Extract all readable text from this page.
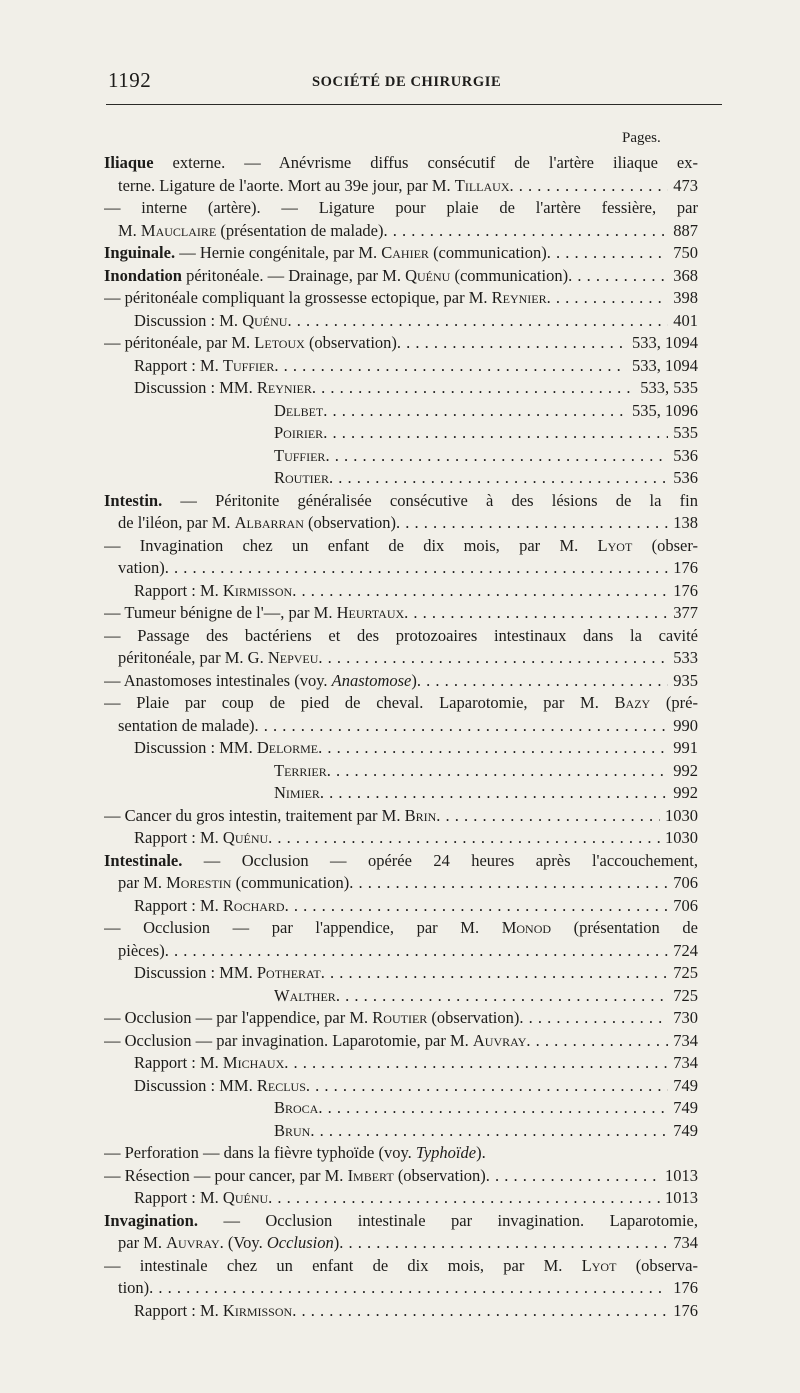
1192	SOCIÉTÉ DE CHIRURGIE
Pages.
Iliaque externe. — Anévrisme diffus consécutif de l'artère iliaque ex-
terne. Ligature de l'aorte. Mort au 39e jour, par M. Tillaux	473
. . .
— interne (artère). — Ligature pour plaie de l'artère fessière, par
M. Mauclaire (présentation de malade)	887
. . .
Inguinale. — Hernie congénitale, par M. Cahier (communication)	750
. . .
Inondation péritonéale. — Drainage, par M. Quénu (communication)	368
. . .
— péritonéale compliquant la grossesse ectopique, par M. Reynier	398
. . .
Discussion : M. Quénu	401
. . .
— péritonéale, par M. Letoux (observation)	533, 1094
. . .
Rapport : M. Tuffier	533, 1094
. . .
Discussion : MM. Reynier	533, 535
. . .
Delbet	535, 1096
. . .
Poirier	535
. . .
Tuffier	536
. . .
Routier	536
. . .
Intestin. — Péritonite généralisée consécutive à des lésions de la fin
de l'iléon, par M. Albarran (observation)	138
. . .
— Invagination chez un enfant de dix mois, par M. Lyot (obser-
vation)	176
. . .
Rapport : M. Kirmisson	176
. . .
— Tumeur bénigne de l'—, par M. Heurtaux	377
. . .
— Passage des bactériens et des protozoaires intestinaux dans la cavité
péritonéale, par M. G. Nepveu	533
. . .
— Anastomoses intestinales (voy. Anastomose)	935
. . .
— Plaie par coup de pied de cheval. Laparotomie, par M. Bazy (pré-
sentation de malade)	990
. . .
Discussion : MM. Delorme	991
. . .
Terrier	992
. . .
Nimier	992
. . .
— Cancer du gros intestin, traitement par M. Brin	1030
. . .
Rapport : M. Quénu	1030
. . .
Intestinale. — Occlusion — opérée 24 heures après l'accouchement,
par M. Morestin (communication)	706
. . .
Rapport : M. Rochard	706
. . .
— Occlusion — par l'appendice, par M. Monod (présentation de
pièces)	724
. . .
Discussion : MM. Potherat	725
. . .
Walther	725
. . .
— Occlusion — par l'appendice, par M. Routier (observation)	730
. . .
— Occlusion — par invagination. Laparotomie, par M. Auvray	734
. . .
Rapport : M. Michaux	734
. . .
Discussion : MM. Reclus	749
. . .
Broca	749
. . .
Brun	749
. . .
— Perforation — dans la fièvre typhoïde (voy. Typhoïde).
— Résection — pour cancer, par M. Imbert (observation)	1013
. . .
Rapport : M. Quénu	1013
. . .
Invagination. — Occlusion intestinale par invagination. Laparotomie,
par M. Auvray. (Voy. Occlusion)	734
. . .
— intestinale chez un enfant de dix mois, par M. Lyot (observa-
tion)	176
. . .
Rapport : M. Kirmisson	176
. . .
